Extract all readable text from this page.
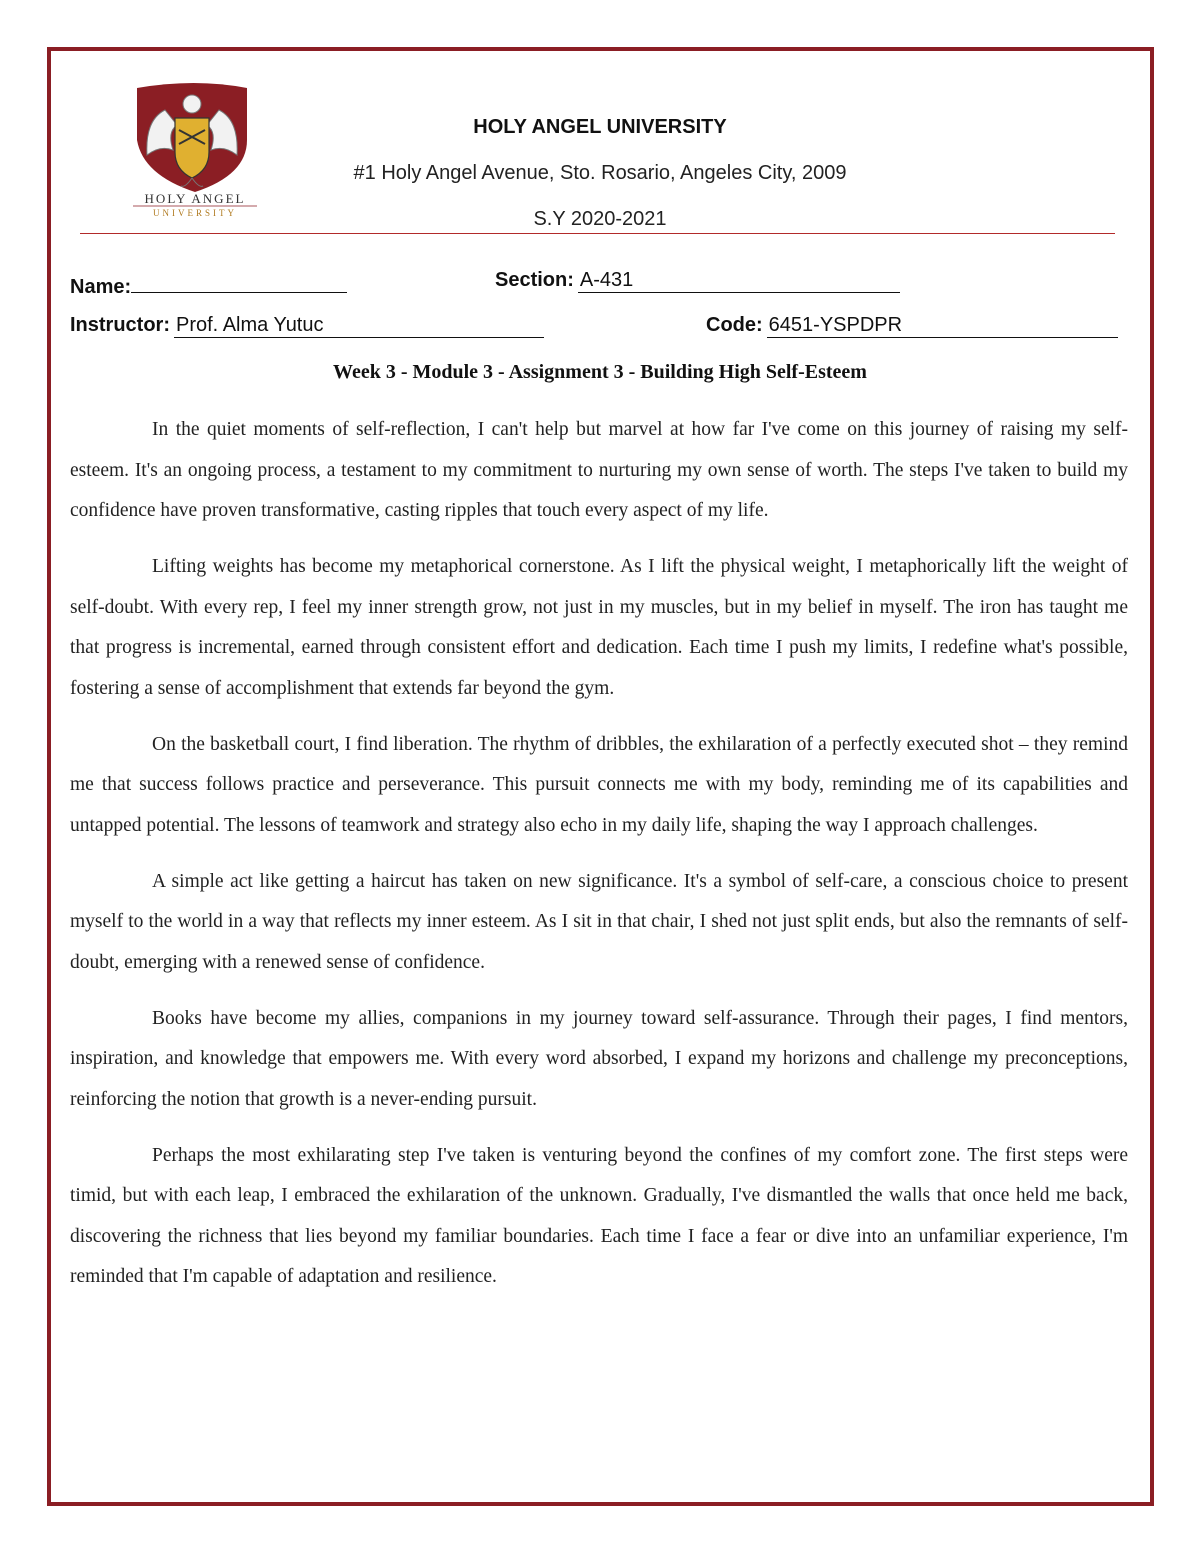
HOLY ANGEL
UNIVERSITY
HOLY ANGEL UNIVERSITY
#1 Holy Angel Avenue, Sto. Rosario, Angeles City, 2009
S.Y 2020-2021
Name:	Section: A-431
Instructor: Prof. Alma Yutuc	Code: 6451-YSPDPR
Week 3 - Module 3 - Assignment 3 - Building High Self-Esteem

In the quiet moments of self-reflection, I can't help but marvel at how far I've come on this journey of raising my self-esteem. It's an ongoing process, a testament to my commitment to nurturing my own sense of worth. The steps I've taken to build my confidence have proven transformative, casting ripples that touch every aspect of my life.

Lifting weights has become my metaphorical cornerstone. As I lift the physical weight, I metaphorically lift the weight of self-doubt. With every rep, I feel my inner strength grow, not just in my muscles, but in my belief in myself. The iron has taught me that progress is incremental, earned through consistent effort and dedication. Each time I push my limits, I redefine what's possible, fostering a sense of accomplishment that extends far beyond the gym.

On the basketball court, I find liberation. The rhythm of dribbles, the exhilaration of a perfectly executed shot – they remind me that success follows practice and perseverance. This pursuit connects me with my body, reminding me of its capabilities and untapped potential. The lessons of teamwork and strategy also echo in my daily life, shaping the way I approach challenges.

A simple act like getting a haircut has taken on new significance. It's a symbol of self-care, a conscious choice to present myself to the world in a way that reflects my inner esteem. As I sit in that chair, I shed not just split ends, but also the remnants of self-doubt, emerging with a renewed sense of confidence.

Books have become my allies, companions in my journey toward self-assurance. Through their pages, I find mentors, inspiration, and knowledge that empowers me. With every word absorbed, I expand my horizons and challenge my preconceptions, reinforcing the notion that growth is a never-ending pursuit.

Perhaps the most exhilarating step I've taken is venturing beyond the confines of my comfort zone. The first steps were timid, but with each leap, I embraced the exhilaration of the unknown. Gradually, I've dismantled the walls that once held me back, discovering the richness that lies beyond my familiar boundaries. Each time I face a fear or dive into an unfamiliar experience, I'm reminded that I'm capable of adaptation and resilience.
